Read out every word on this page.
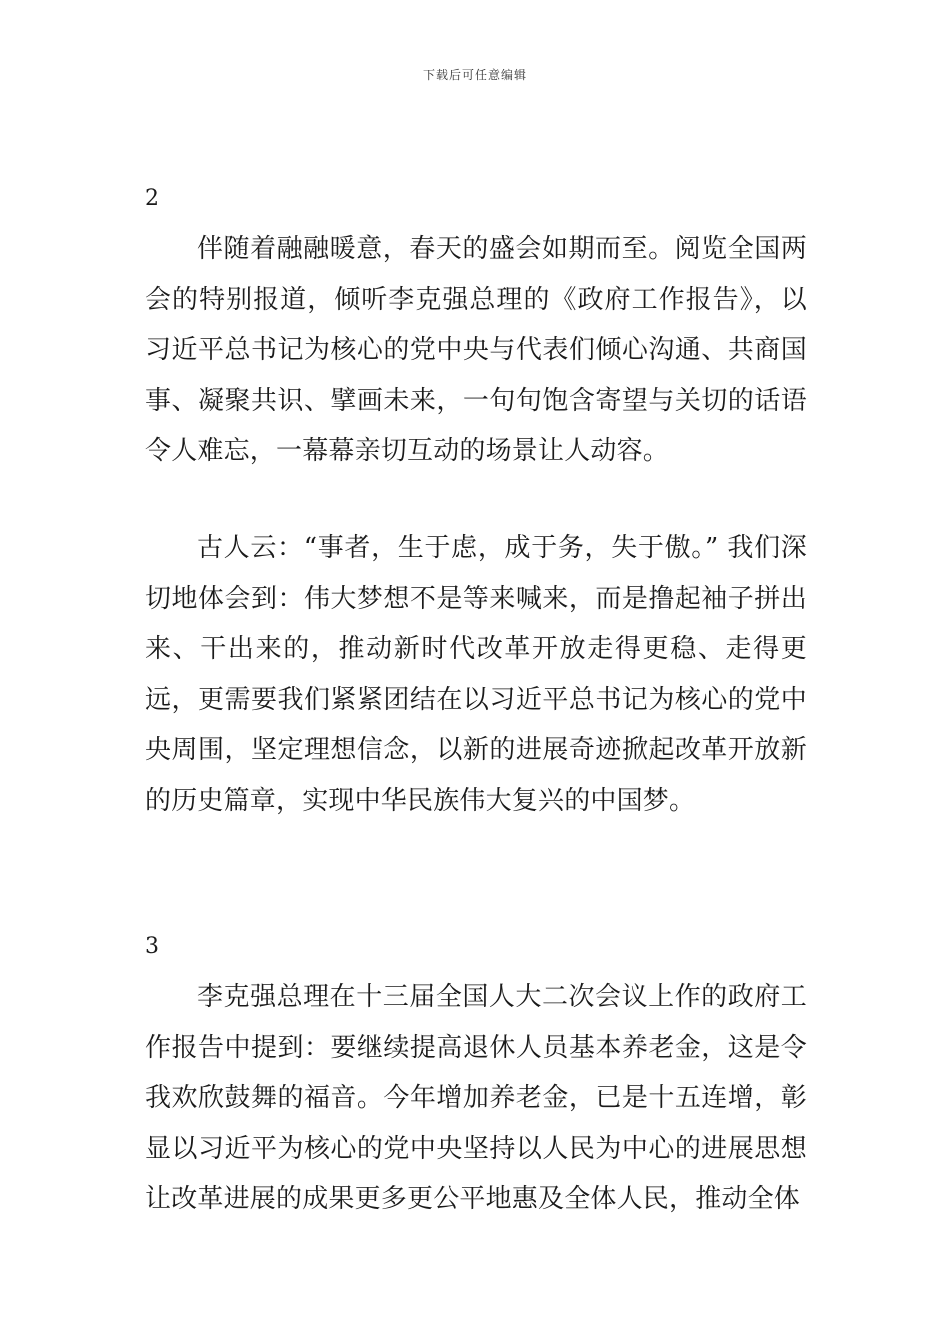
下载后可任意编辑
2

伴随着融融暖意，春天的盛会如期而至。阅览全国两会的特别报道，倾听李克强总理的《政府工作报告》，以习近平总书记为核心的党中央与代表们倾心沟通、共商国事、凝聚共识、擘画未来，一句句饱含寄望与关切的话语令人难忘，一幕幕亲切互动的场景让人动容。

古人云：“事者，生于虑，成于务，失于傲。” 我们深切地体会到：伟大梦想不是等来喊来，而是撸起袖子拼出来、干出来的，推动新时代改革开放走得更稳、走得更远，更需要我们紧紧团结在以习近平总书记为核心的党中央周围，坚定理想信念，以新的进展奇迹掀起改革开放新的历史篇章，实现中华民族伟大复兴的中国梦。

3

李克强总理在十三届全国人大二次会议上作的政府工作报告中提到：要继续提高退休人员基本养老金，这是令我欢欣鼓舞的福音。今年增加养老金，已是十五连增，彰显以习近平为核心的党中央坚持以人民为中心的进展思想让改革进展的成果更多更公平地惠及全体人民，推动全体
